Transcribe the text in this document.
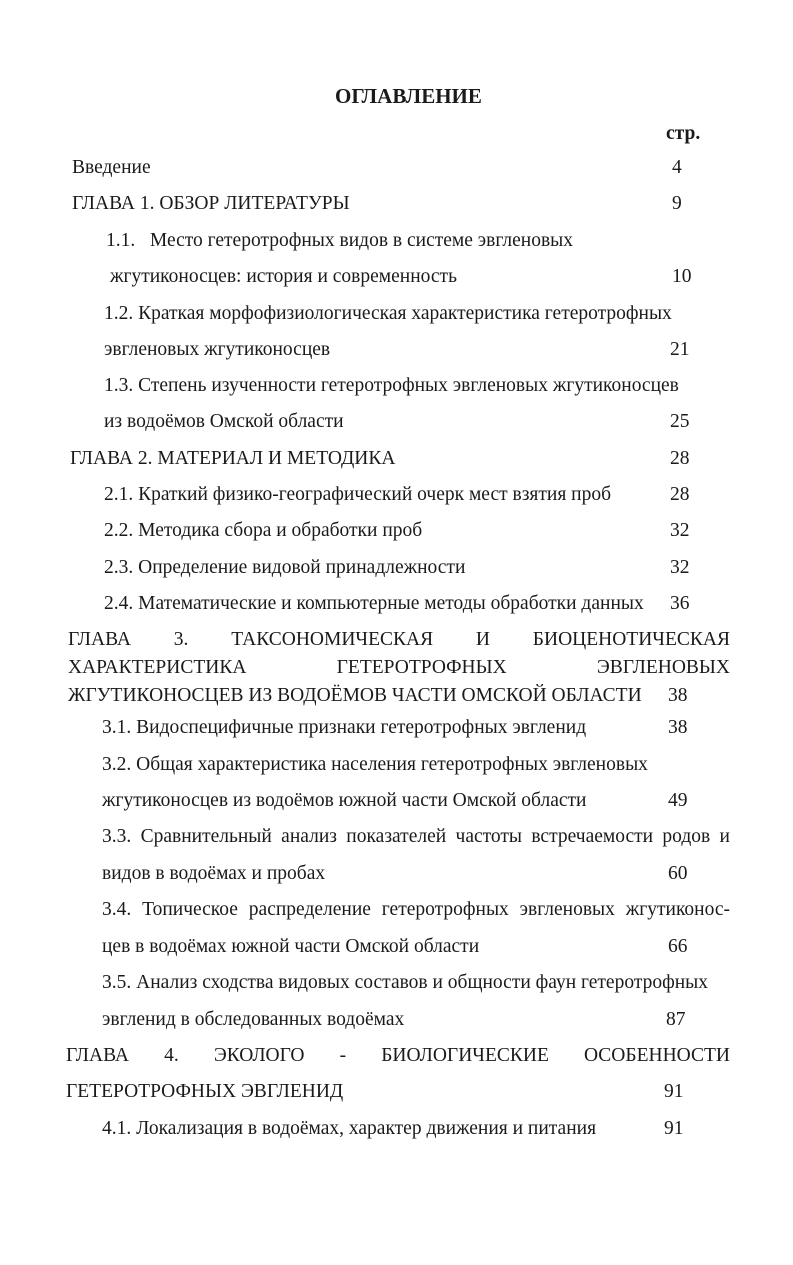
ОГЛАВЛЕНИЕ
стр.
Введение	4
ГЛАВА 1. ОБЗОР ЛИТЕРАТУРЫ	9
1.1.   Место гетеротрофных видов в системе эвгленовых
жгутиконосцев: история и современность	10
1.2. Краткая морфофизиологическая характеристика гетеротрофных
эвгленовых жгутиконосцев	21
1.3. Степень изученности гетеротрофных эвгленовых жгутиконосцев
из водоёмов Омской области	25
ГЛАВА 2. МАТЕРИАЛ И МЕТОДИКА	28
2.1. Краткий физико-географический очерк мест взятия проб	28
2.2. Методика сбора и обработки проб	32
2.3. Определение видовой принадлежности	32
2.4. Математические и компьютерные методы обработки данных 36
ГЛАВА 3. ТАКСОНОМИЧЕСКАЯ И БИОЦЕНОТИЧЕСКАЯ
ХАРАКТЕРИСТИКА ГЕТЕРОТРОФНЫХ ЭВГЛЕНОВЫХ
ЖГУТИКОНОСЦЕВ ИЗ ВОДОЁМОВ ЧАСТИ ОМСКОЙ ОБЛАСТИ 38
3.1. Видоспецифичные признаки гетеротрофных эвгленид	38
3.2. Общая характеристика населения гетеротрофных эвгленовых
жгутиконосцев из водоёмов южной части Омской области	49
3.3. Сравнительный анализ показателей частоты встречаемости родов и
видов в водоёмах и пробах	60
3.4. Топическое распределение гетеротрофных эвгленовых жгутиконос-
цев в водоёмах южной части Омской области	66
3.5. Анализ сходства видовых составов и общности фаун гетеротрофных
эвгленид в обследованных водоёмах	87
ГЛАВА 4. ЭКОЛОГО - БИОЛОГИЧЕСКИЕ ОСОБЕННОСТИ
ГЕТЕРОТРОФНЫХ ЭВГЛЕНИД	91
4.1. Локализация в водоёмах, характер движения и питания	91
